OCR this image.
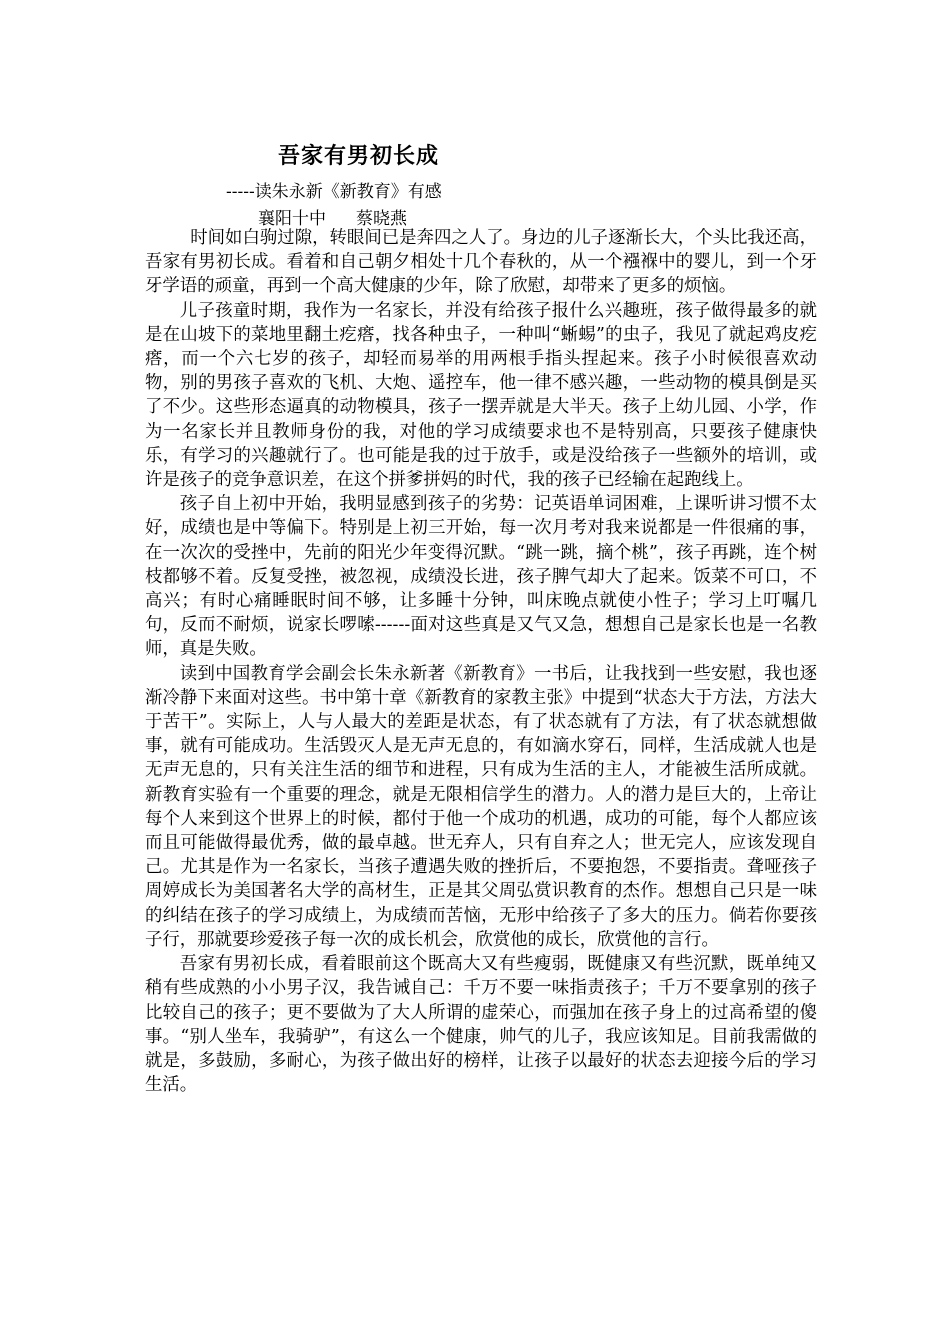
吾家有男初长成
-----读朱永新《新教育》有感
襄阳十中 蔡晓燕

时间如白驹过隙，转眼间已是奔四之人了。身边的儿子逐渐长大，个头比我还高，吾家有男初长成。看着和自己朝夕相处十几个春秋的，从一个襁褓中的婴儿，到一个牙牙学语的顽童，再到一个高大健康的少年，除了欣慰，却带来了更多的烦恼。

儿子孩童时期，我作为一名家长，并没有给孩子报什么兴趣班，孩子做得最多的就是在山坡下的菜地里翻土疙瘩，找各种虫子，一种叫“蜥蜴”的虫子，我见了就起鸡皮疙瘩，而一个六七岁的孩子，却轻而易举的用两根手指头捏起来。孩子小时候很喜欢动物，别的男孩子喜欢的飞机、大炮、遥控车，他一律不感兴趣，一些动物的模具倒是买了不少。这些形态逼真的动物模具，孩子一摆弄就是大半天。孩子上幼儿园、小学，作为一名家长并且教师身份的我，对他的学习成绩要求也不是特别高，只要孩子健康快乐，有学习的兴趣就行了。也可能是我的过于放手，或是没给孩子一些额外的培训，或许是孩子的竞争意识差，在这个拼爹拼妈的时代，我的孩子已经输在起跑线上。

孩子自上初中开始，我明显感到孩子的劣势：记英语单词困难，上课听讲习惯不太好，成绩也是中等偏下。特别是上初三开始，每一次月考对我来说都是一件很痛的事，在一次次的受挫中，先前的阳光少年变得沉默。“跳一跳，摘个桃”，孩子再跳，连个树枝都够不着。反复受挫，被忽视，成绩没长进，孩子脾气却大了起来。饭菜不可口，不高兴；有时心痛睡眠时间不够，让多睡十分钟，叫床晚点就使小性子；学习上叮嘱几句，反而不耐烦，说家长啰嗦------面对这些真是又气又急，想想自己是家长也是一名教师，真是失败。

读到中国教育学会副会长朱永新著《新教育》一书后，让我找到一些安慰，我也逐渐冷静下来面对这些。书中第十章《新教育的家教主张》中提到“状态大于方法，方法大于苦干”。实际上，人与人最大的差距是状态，有了状态就有了方法，有了状态就想做事，就有可能成功。生活毁灭人是无声无息的，有如滴水穿石，同样，生活成就人也是无声无息的，只有关注生活的细节和进程，只有成为生活的主人，才能被生活所成就。新教育实验有一个重要的理念，就是无限相信学生的潜力。人的潜力是巨大的，上帝让每个人来到这个世界上的时候，都付于他一个成功的机遇，成功的可能，每个人都应该而且可能做得最优秀，做的最卓越。世无弃人，只有自弃之人；世无完人，应该发现自己。尤其是作为一名家长，当孩子遭遇失败的挫折后，不要抱怨，不要指责。聋哑孩子周婷成长为美国著名大学的高材生，正是其父周弘赏识教育的杰作。想想自己只是一味的纠结在孩子的学习成绩上，为成绩而苦恼，无形中给孩子了多大的压力。倘若你要孩子行，那就要珍爱孩子每一次的成长机会，欣赏他的成长，欣赏他的言行。

吾家有男初长成，看着眼前这个既高大又有些瘦弱，既健康又有些沉默，既单纯又稍有些成熟的小小男子汉，我告诫自己：千万不要一味指责孩子；千万不要拿别的孩子比较自己的孩子；更不要做为了大人所谓的虚荣心，而强加在孩子身上的过高希望的傻事。“别人坐车，我骑驴”，有这么一个健康，帅气的儿子，我应该知足。目前我需做的就是，多鼓励，多耐心，为孩子做出好的榜样，让孩子以最好的状态去迎接今后的学习生活。
